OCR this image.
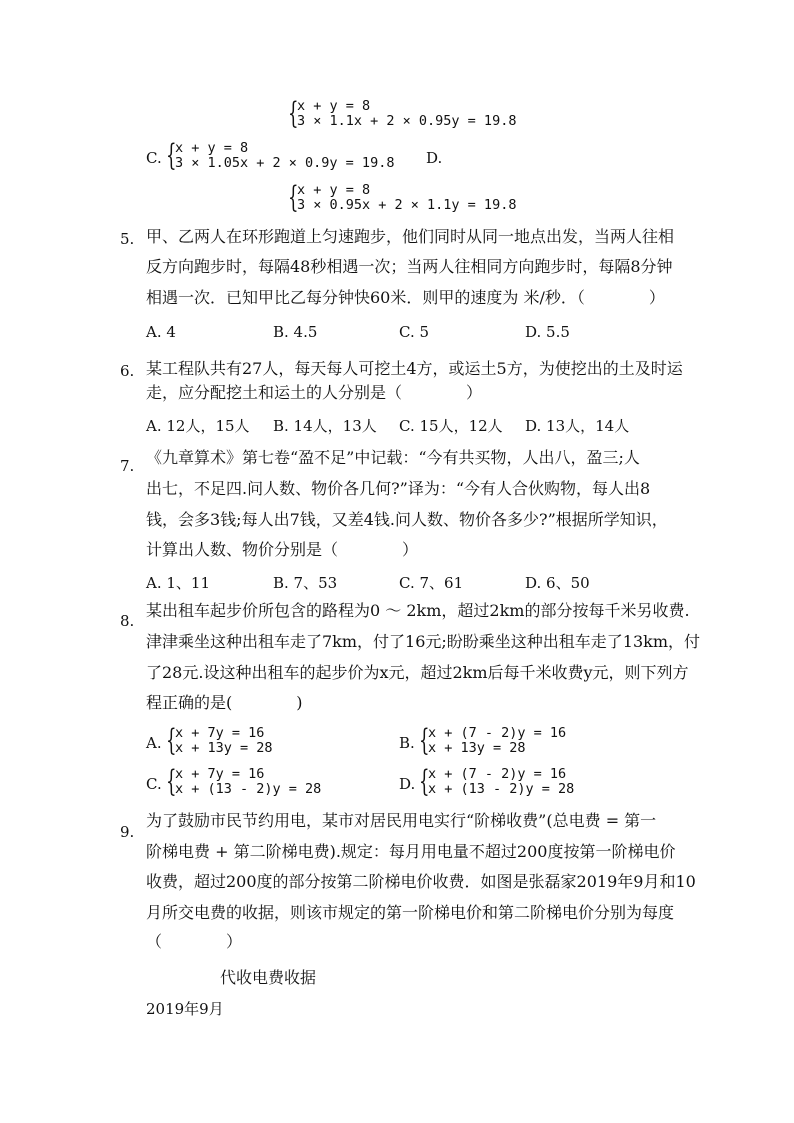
{
x + y = 8
3 × 1.1x + 2 × 0.95y = 19.8
C. {
x + y = 8
3 × 1.05x + 2 × 0.9y = 19.8 D.
{
x + y = 8
3 × 0.95x + 2 × 1.1y = 19.8
5. 甲、乙两人在环形跑道上匀速跑步，他们同时从同一地点出发，当两人往相
反方向跑步时，每隔48秒相遇一次；当两人往相同方向跑步时，每隔8分钟
相遇一次．已知甲比乙每分钟快60米．则甲的速度为 米/秒．（　　　　）
A. 4	B. 4.5	C. 5	D. 5.5
6. 某工程队共有27人，每天每人可挖土4方，或运土5方，为使挖出的土及时运
走，应分配挖土和运土的人分别是（　　　　）
A. 12人，15人 B. 14人，13人 C. 15人，12人 D. 13人，14人
7. 《九章算术》第七卷“盈不足”中记载：“今有共买物，人出八，盈三;人
出七，不足四.问人数、物价各几何?”译为：“今有人合伙购物，每人出8
钱，会多3钱;每人出7钱，又差4钱.问人数、物价各多少?”根据所学知识，
计算出人数、物价分别是（　　　　）
A. 1、11	B. 7、53	C. 7、61	D. 6、50
8.
某出租车起步价所包含的路程为0 ～ 2km，超过2km的部分按每千米另收费.
津津乘坐这种出租车走了7km，付了16元;盼盼乘坐这种出租车走了13km，付
了28元.设这种出租车的起步价为x元，超过2km后每千米收费y元，则下列方
程正确的是(　　　　)
A. {
x + 7y = 16
x + 13y = 28	B. {
x + (7 - 2)y = 16
x + 13y = 28
C. {
x + 7y = 16
x + (13 - 2)y = 28	D. {
x + (7 - 2)y = 16
x + (13 - 2)y = 28
9.
为了鼓励市民节约用电，某市对居民用电实行“阶梯收费”(总电费 = 第一
阶梯电费 + 第二阶梯电费).规定：每月用电量不超过200度按第一阶梯电价
收费，超过200度的部分按第二阶梯电价收费．如图是张磊家2019年9月和10
月所交电费的收据，则该市规定的第一阶梯电价和第二阶梯电价分别为每度
（　　　　）
代收电费收据
2019年9月
